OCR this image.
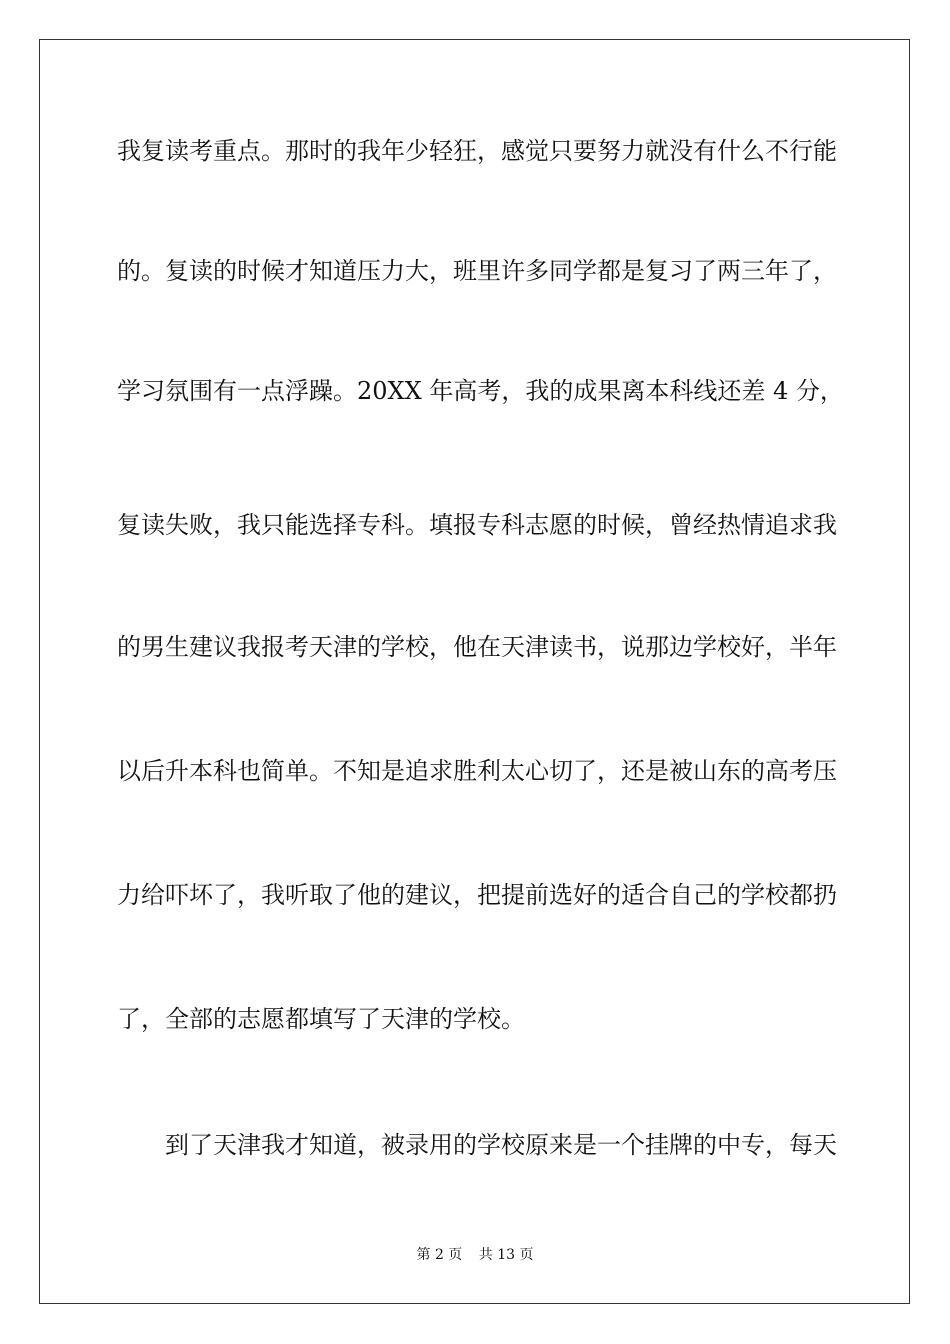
我复读考重点。那时的我年少轻狂，感觉只要努力就没有什么不行能
的。复读的时候才知道压力大，班里许多同学都是复习了两三年了，
学习氛围有一点浮躁。20XX 年高考，我的成果离本科线还差 4 分，
复读失败，我只能选择专科。填报专科志愿的时候，曾经热情追求我
的男生建议我报考天津的学校，他在天津读书，说那边学校好，半年
以后升本科也简单。不知是追求胜利太心切了，还是被山东的高考压
力给吓坏了，我听取了他的建议，把提前选好的适合自己的学校都扔
了，全部的志愿都填写了天津的学校。
到了天津我才知道，被录用的学校原来是一个挂牌的中专，每天
第 2 页 共 13 页
